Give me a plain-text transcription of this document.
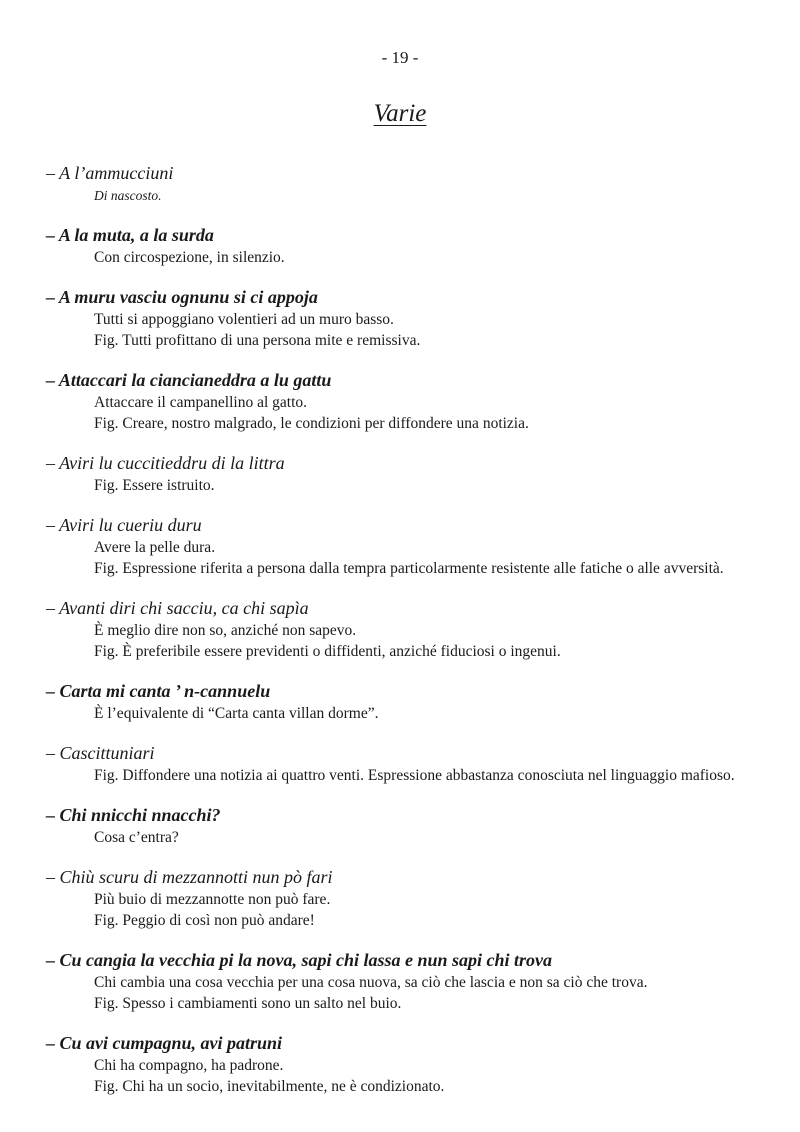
- 19 -
Varie
– A l’ammucciuni
Di nascosto.
– A la muta, a la surda
Con circospezione, in silenzio.
– A muru vasciu ognunu si ci appoja
Tutti si appoggiano volentieri ad un muro basso.
Fig. Tutti profittano di una persona mite e remissiva.
– Attaccari la ciancianeddra a lu gattu
Attaccare il campanellino al gatto.
Fig. Creare, nostro malgrado, le condizioni per diffondere una notizia.
– Aviri lu cuccitieddru di la littra
Fig. Essere istruito.
– Aviri lu cueriu duru
Avere la pelle dura.
Fig. Espressione riferita a persona dalla tempra particolarmente resistente alle fatiche o alle avversità.
– Avanti diri chi sacciu, ca chi sapìa
È meglio dire non so, anziché non sapevo.
Fig. È preferibile essere previdenti o diffidenti, anziché fiduciosi o ingenui.
– Carta mi canta ’ n-cannuelu
È l’equivalente di “Carta canta villan dorme”.
– Cascittuniari
Fig. Diffondere una notizia ai quattro venti. Espressione abbastanza conosciuta nel linguaggio mafioso.
– Chi nnicchi nnacchi?
Cosa c’entra?
– Chiù scuru di mezzannotti nun pò fari
Più buio di mezzannotte non può fare.
Fig. Peggio di così non può andare!
– Cu cangia la vecchia pi la nova, sapi chi lassa e nun sapi chi trova
Chi cambia una cosa vecchia per una cosa nuova, sa ciò che lascia e non sa ciò che trova.
Fig. Spesso i cambiamenti sono un salto nel buio.
– Cu avi cumpagnu, avi patruni
Chi ha compagno, ha padrone.
Fig. Chi ha un socio, inevitabilmente, ne è condizionato.
